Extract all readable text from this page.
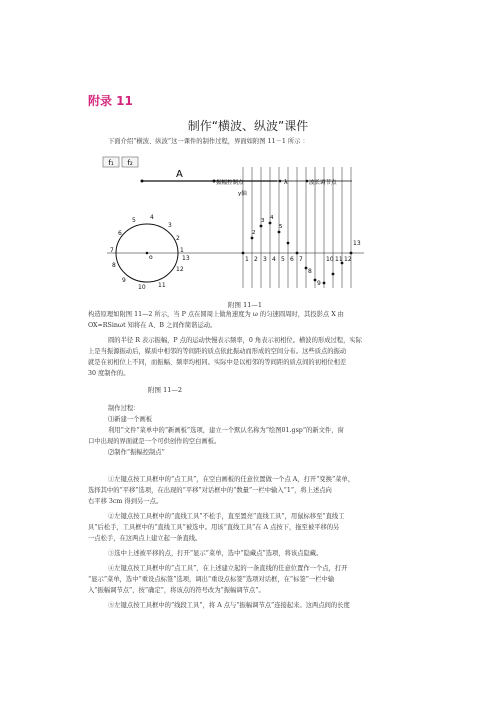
附录 11
制作“横波、纵波”课件
下面介绍“横波、纵波”这一课件的制作过程，界面如附图 11－1 所示 ：
f₁ f₂
A
振幅控制点	λ	波长调节点
y轴
o
1
2
3
4
5
6
7
8
9
10 11
12
13	1 2 3 4 5 6 7
8
9
10 11 12
13
2
3 4
5
附图 11—1
构造原理如附图 11—2 所示，当 P 点在圆周上做角速度为 ω 的匀速圆周时，其投影点 X 由
OX=RSinωt 知将在 A、B 之间作简谐运动。
圆的半径 R 表示振幅，P 点的运动快慢表示频率，0 角表示初相位。横波的形成过程，实际
上是当振源振动后，媒质中相邻的等间距的质点依此振动而形成的空间分布。这些质点的振动
就是在初相位上不同，而振幅、频率均相同。实际中是以相邻的等间距的质点间的初相位相差
30 度制作的。
附图 11—2
制作过程：
⑴新建一个画板
利用“文件”菜单中的“新画板”选项，建立一个默认名称为“绘图01.gsp”的新文件，窗
口中出现的界面就是一个可供创作的空白画板。
⑵制作“振幅控制点”
①左键点按工具框中的“点工具”，在空白画板的任意位置做一个点 A，打开“变换”菜单，
选择其中的“平移”选项，在出现的“平移”对话框中的“数量”一栏中输入“1”，将上述点向
右平移 3cm 得到另一点。
②左键点按工具框中的“直线工具”不松手，直至置亮“直线工具”，用鼠标移至“直线工
具”后松手，工具框中的“直线工具”被选中。用该“直线工具”在 A 点按下，拖至被平移的另
一点松手，在这两点上建立起一条直线。
③选中上述被平移的点，打开“显示”菜单，选中“隐藏点”选项，将该点隐藏。
④左键点按工具框中的“点工具”，在上述建立起的一条直线的任意位置作一个点，打开
“显示”菜单，选中“重设点标签”选项，调出“重设点标签”选项对话框，在“标签”一栏中输
入“振幅调节点”，按“确定”，将该点的符号改为“振幅调节点”。
⑤左键点按工具框中的“线段工具”，将 A 点与“振幅调节点”连接起来。这两点间的长度
